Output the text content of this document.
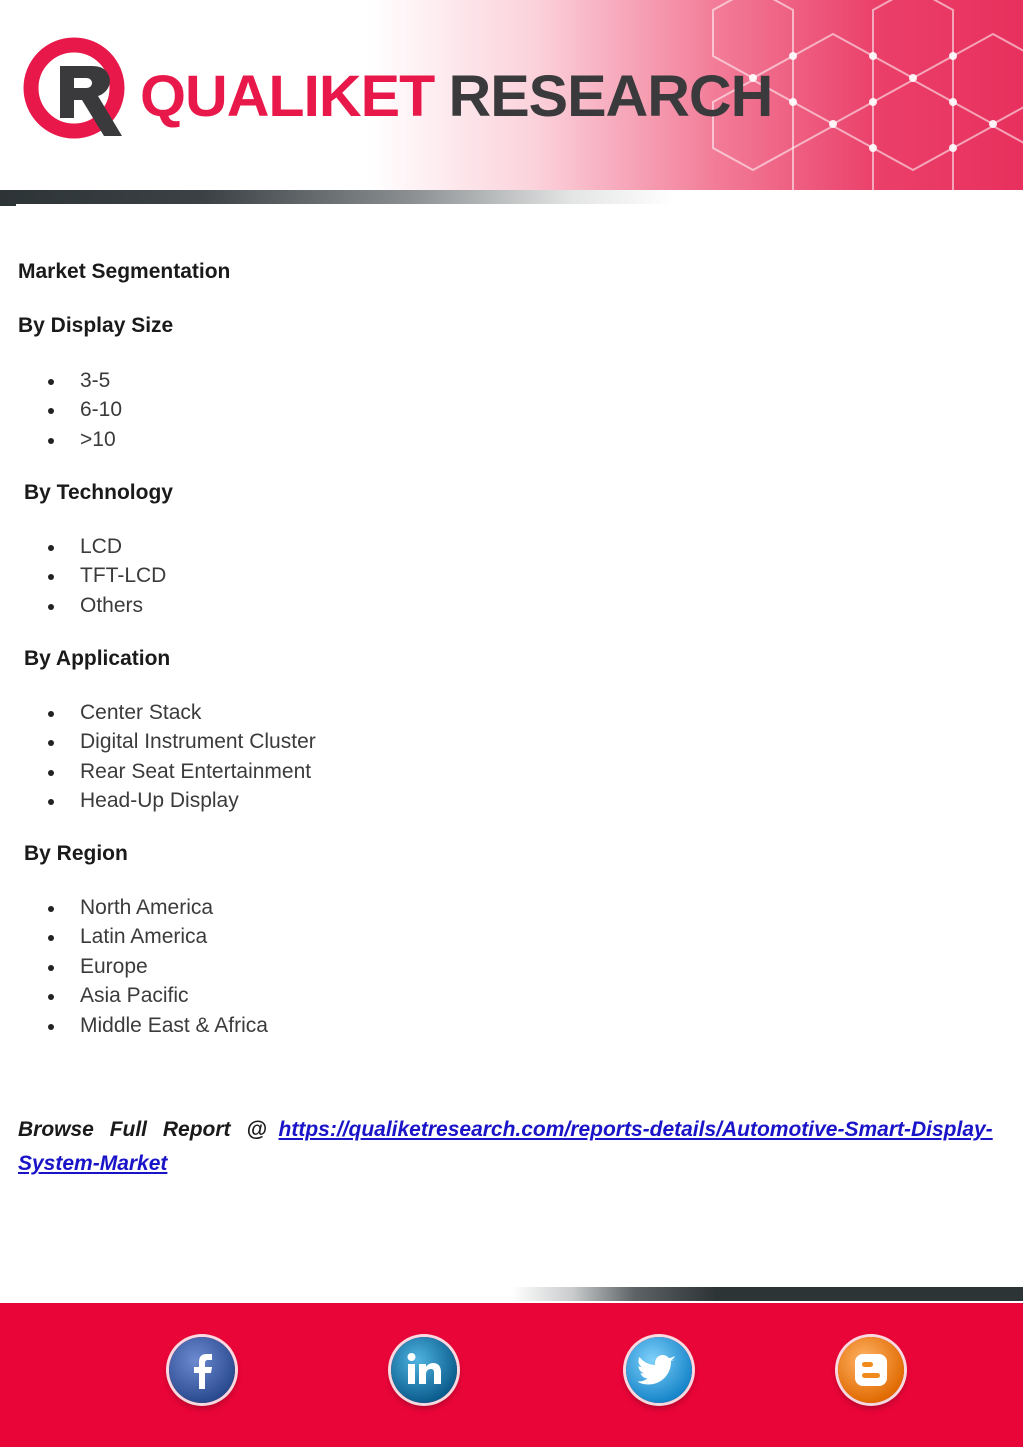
QUALIKET RESEARCH
Market Segmentation
By Display Size
3-5
6-10
>10
By Technology
LCD
TFT-LCD
Others
By Application
Center Stack
Digital Instrument Cluster
Rear Seat Entertainment
Head-Up Display
By Region
North America
Latin America
Europe
Asia Pacific
Middle East & Africa
Browse Full Report @ https://qualiketresearch.com/reports-details/Automotive-Smart-Display-System-Market
